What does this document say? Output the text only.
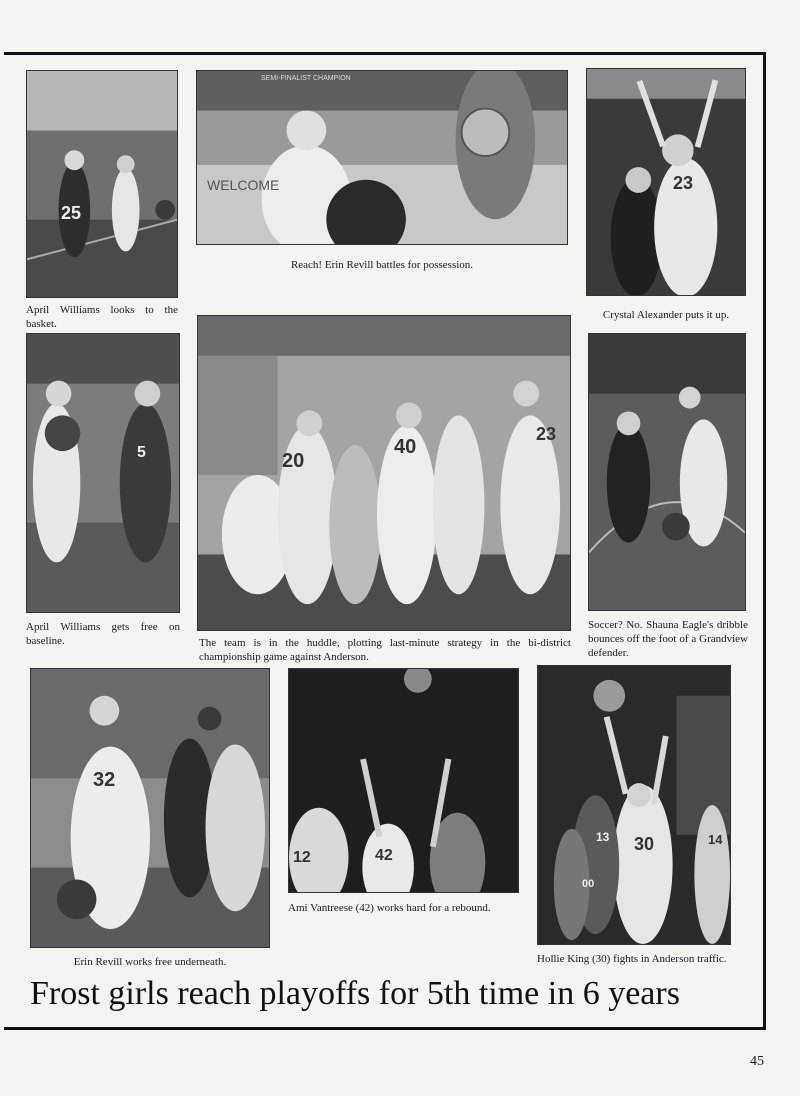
25
April Williams looks to the basket.
SEMI-FINALIST CHAMPION
WELCOME
Reach! Erin Revill battles for possession.
23
Crystal Alexander puts it up.
5
April Williams gets free on baseline.
20
40
23
The team is in the huddle, plotting last-minute strategy in the bi-district championship game against Anderson.
Soccer? No. Shauna Eagle's dribble bounces off the foot of a Grandview defender.
32
Erin Revill works free underneath.
42
12
Ami Vantreese (42) works hard for a rebound.
30	14
13
00
Hollie King (30) fights in Anderson traffic.
Frost girls reach playoffs for 5th time in 6 years
45
